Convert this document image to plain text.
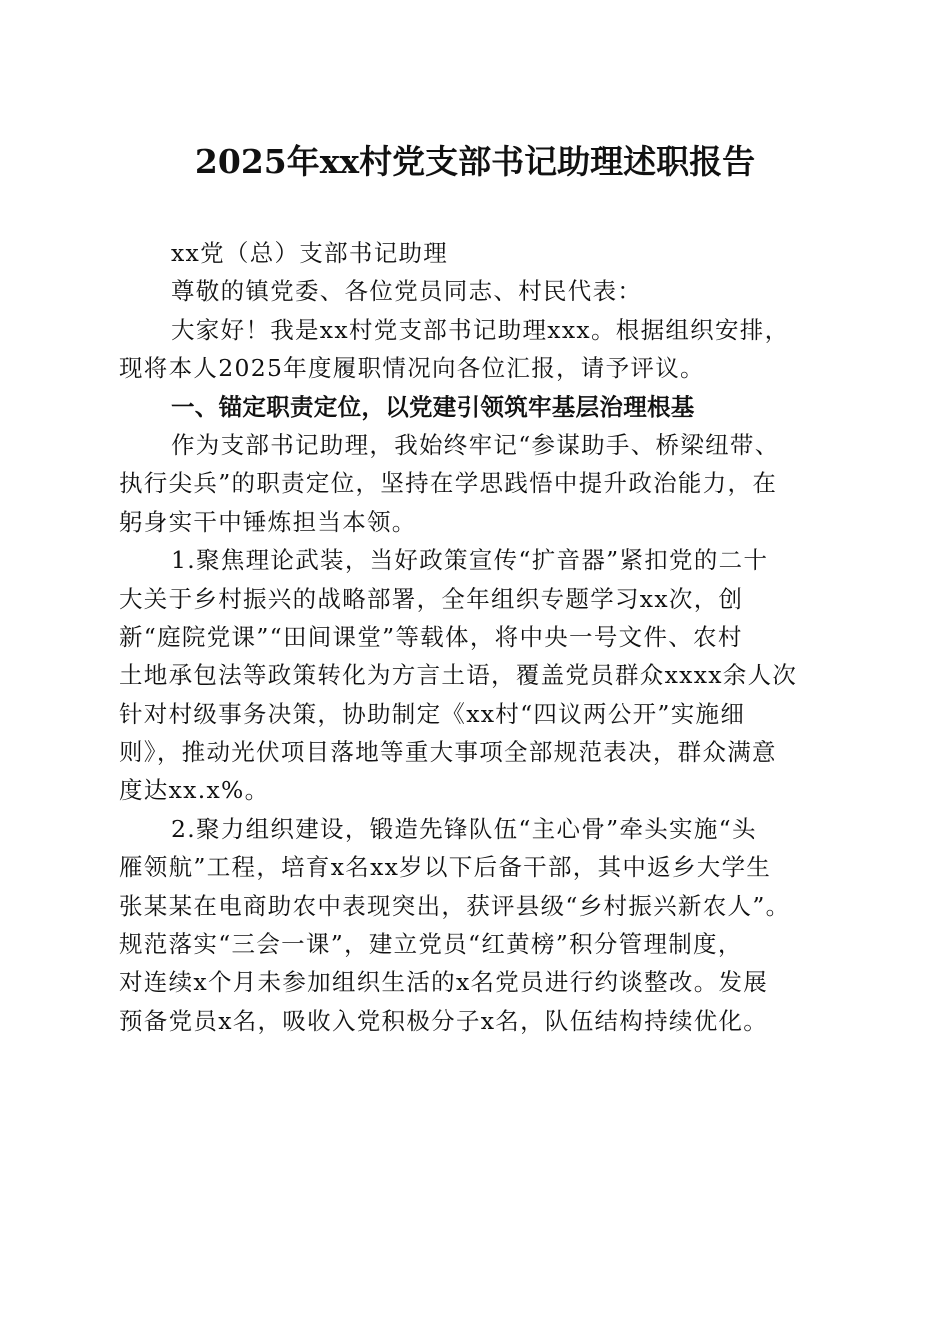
2025年xx村党支部书记助理述职报告
xx党（总）支部书记助理
尊敬的镇党委、各位党员同志、村民代表：
大家好！我是xx村党支部书记助理xxx。根据组织安排，
现将本人2025年度履职情况向各位汇报，请予评议。
一、锚定职责定位，以党建引领筑牢基层治理根基
作为支部书记助理，我始终牢记“参谋助手、桥梁纽带、
执行尖兵”的职责定位，坚持在学思践悟中提升政治能力，在
躬身实干中锤炼担当本领。
1.聚焦理论武装，当好政策宣传“扩音器”紧扣党的二十
大关于乡村振兴的战略部署，全年组织专题学习xx次，创
新“庭院党课”“田间课堂”等载体，将中央一号文件、农村
土地承包法等政策转化为方言土语，覆盖党员群众xxxx余人次
针对村级事务决策，协助制定《xx村“四议两公开”实施细
则》，推动光伏项目落地等重大事项全部规范表决，群众满意
度达xx.x%。
2.聚力组织建设，锻造先锋队伍“主心骨”牵头实施“头
雁领航”工程，培育x名xx岁以下后备干部，其中返乡大学生
张某某在电商助农中表现突出，获评县级“乡村振兴新农人”。
规范落实“三会一课”，建立党员“红黄榜”积分管理制度，
对连续x个月未参加组织生活的x名党员进行约谈整改。发展
预备党员x名，吸收入党积极分子x名，队伍结构持续优化。
